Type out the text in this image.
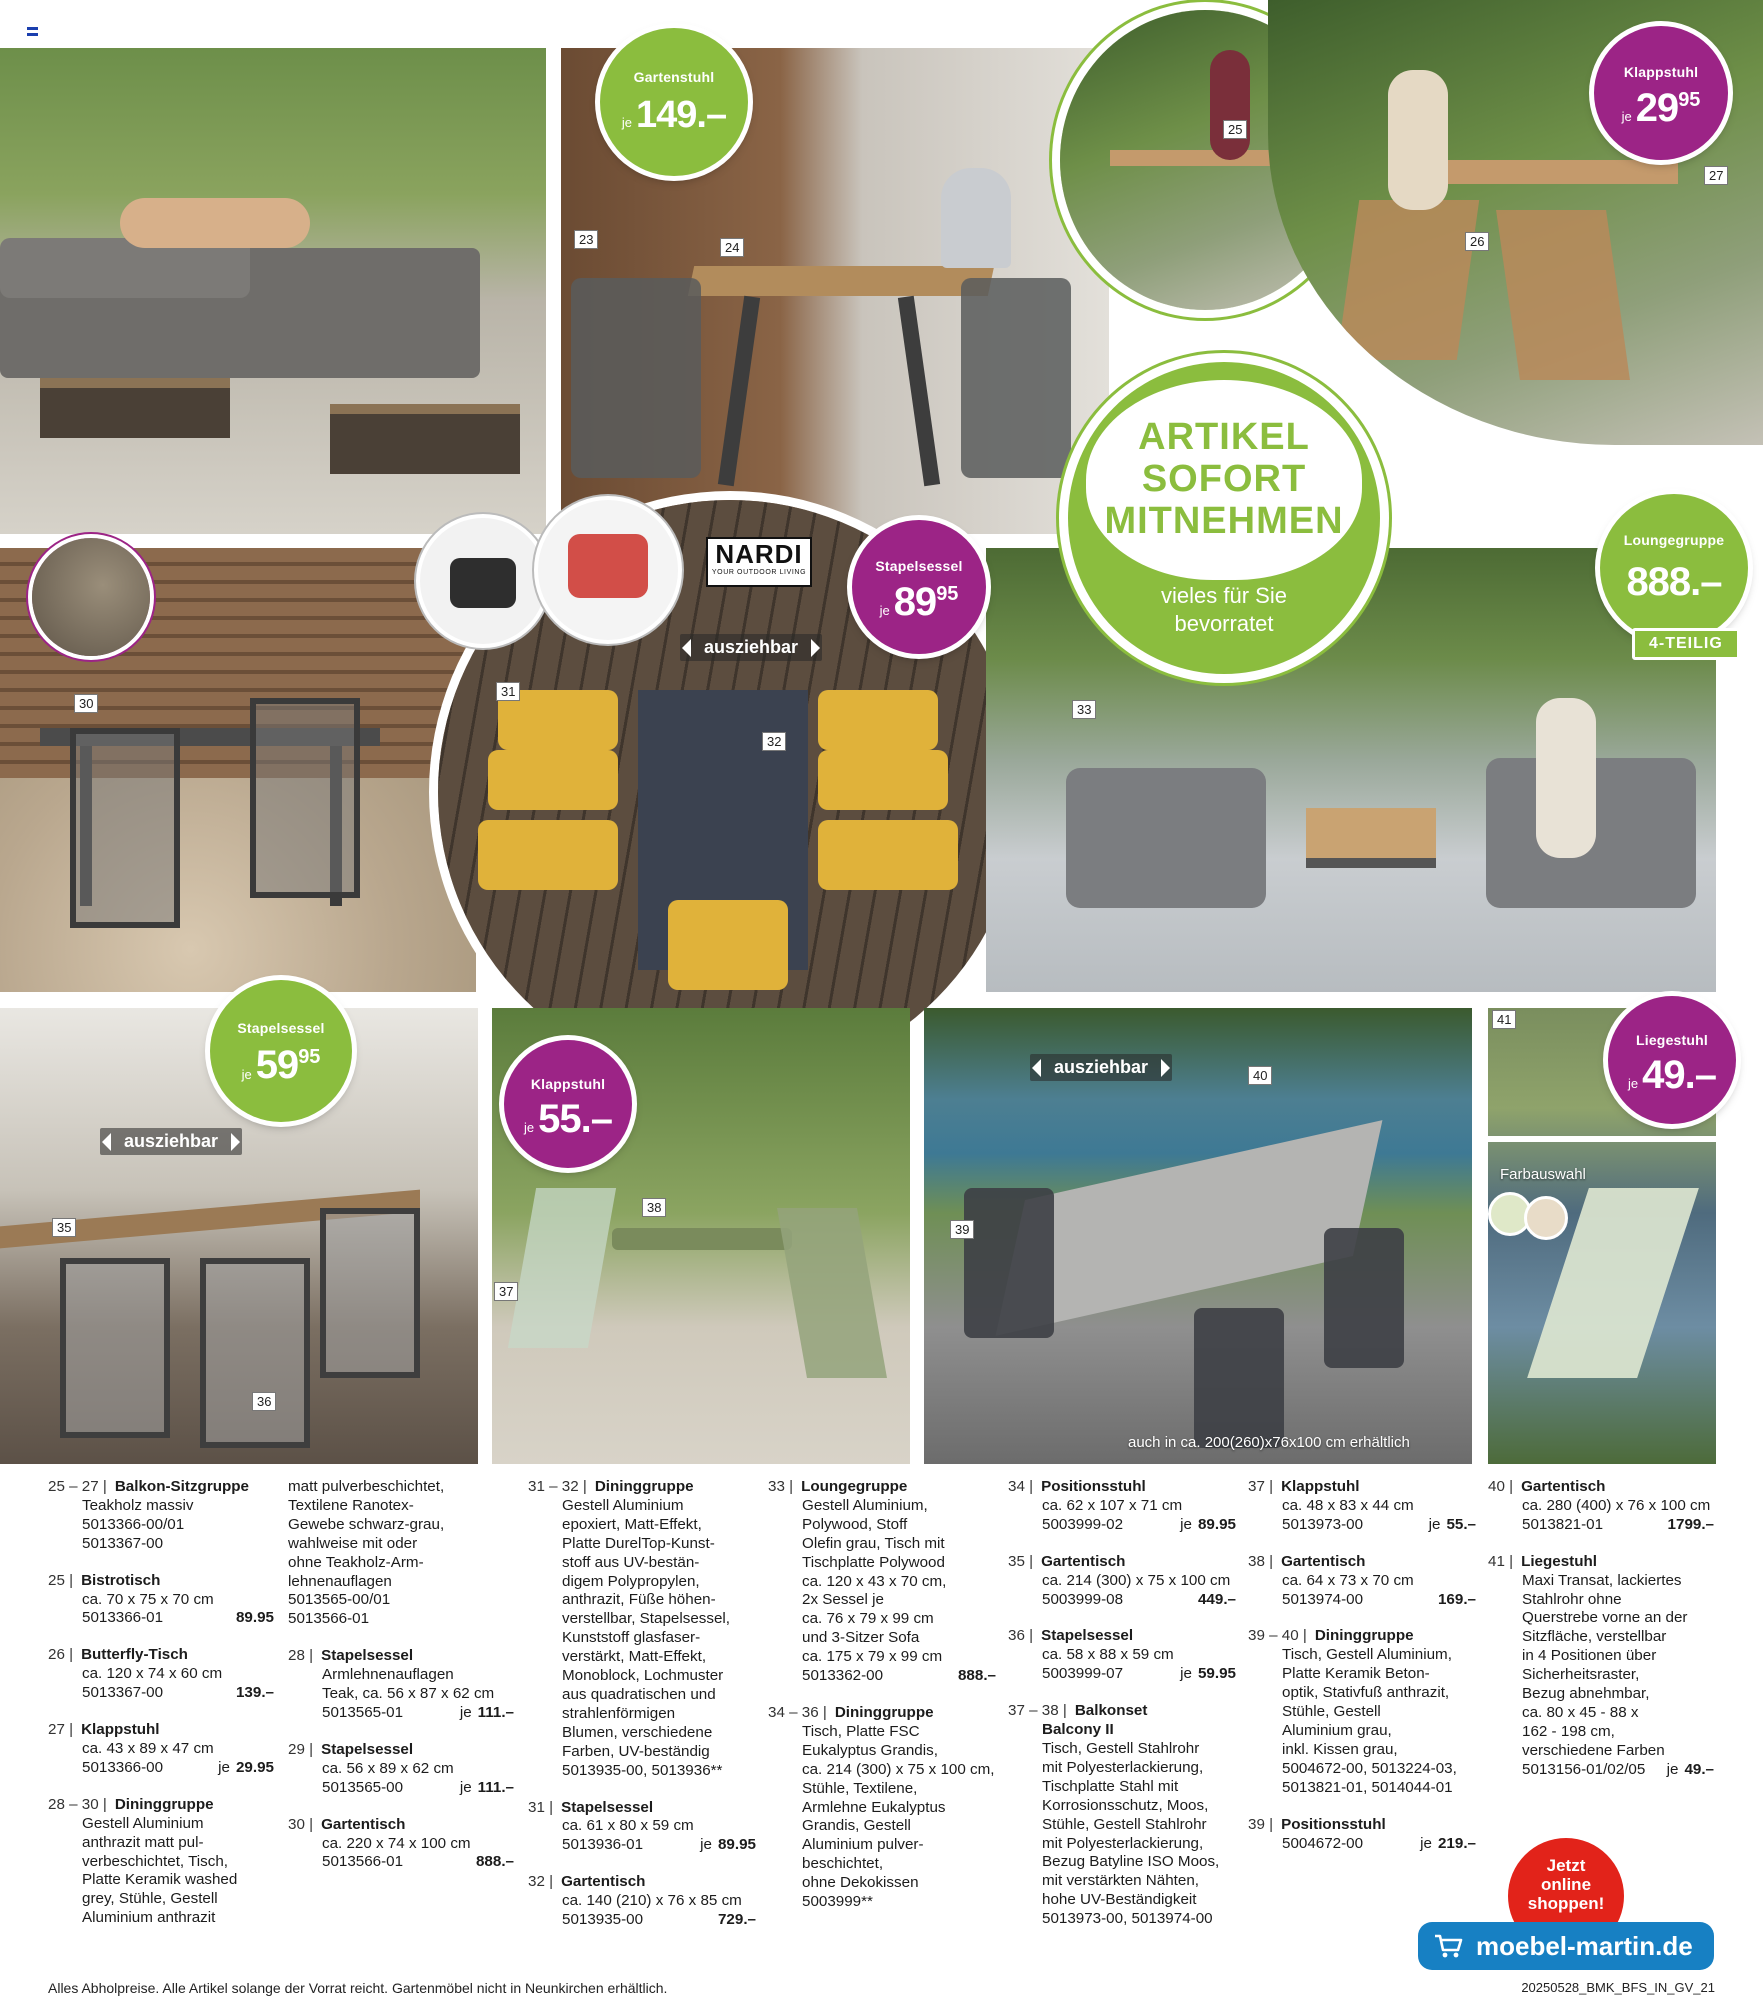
ARTIKEL
SOFORT
MITNEHMEN
vieles für Sie
bevorratet
NARDI
YOUR OUTDOOR LIVING
Farbauswahl
auch in ca. 200(260)x76x100 cm erhältlich
Gartenstuhl
je 149.–
Klappstuhl
je 2995
Stapelsessel
je 8995
Loungegruppe
888.–
4-TEILIG
Stapelsessel
je 5995
Klappstuhl
je 55.–
Liegestuhl
je 49.–
ausziehbar
ausziehbar
ausziehbar
23
24
25
26
27
30
31
32
33
35
36
37
38
39
40
41
25 – 27 | Balkon-Sitzgruppe
Teakholz massiv
5013366-00/01
5013367-00
25 | Bistrotisch
ca. 70 x 75 x 70 cm
5013366-01	89.95
26 | Butterfly-Tisch
ca. 120 x 74 x 60 cm
5013367-00	139.–
27 | Klappstuhl
ca. 43 x 89 x 47 cm
5013366-00	je 29.95
28 – 30 | Dininggruppe
Gestell Aluminium
anthrazit matt pul-
verbeschichtet, Tisch,
Platte Keramik washed
grey, Stühle, Gestell
Aluminium anthrazit
matt pulverbeschichtet,
Textilene Ranotex-
Gewebe schwarz-grau,
wahlweise mit oder
ohne Teakholz-Arm-
lehnenauflagen
5013565-00/01
5013566-01
28 | Stapelsessel
Armlehnenauflagen
Teak, ca. 56 x 87 x 62 cm
5013565-01	je 111.–
29 | Stapelsessel
ca. 56 x 89 x 62 cm
5013565-00	je 111.–
30 | Gartentisch
ca. 220 x 74 x 100 cm
5013566-01	888.–
31 – 32 | Dininggruppe
Gestell Aluminium
epoxiert, Matt-Effekt,
Platte DurelTop-Kunst-
stoff aus UV-bestän-
digem Polypropylen,
anthrazit, Füße höhen-
verstellbar, Stapelsessel,
Kunststoff glasfaser-
verstärkt, Matt-Effekt,
Monoblock, Lochmuster
aus quadratischen und
strahlenförmigen
Blumen, verschiedene
Farben, UV-beständig
5013935-00, 5013936**
31 | Stapelsessel
ca. 61 x 80 x 59 cm
5013936-01	je 89.95
32 | Gartentisch
ca. 140 (210) x 76 x 85 cm
5013935-00	729.–
33 | Loungegruppe
Gestell Aluminium,
Polywood, Stoff
Olefin grau, Tisch mit
Tischplatte Polywood
ca. 120 x 43 x 70 cm,
2x Sessel je
ca. 76 x 79 x 99 cm
und 3-Sitzer Sofa
ca. 175 x 79 x 99 cm
5013362-00	888.–
34 – 36 | Dininggruppe
Tisch, Platte FSC
Eukalyptus Grandis,
ca. 214 (300) x 75 x 100 cm,
Stühle, Textilene,
Armlehne Eukalyptus
Grandis, Gestell
Aluminium pulver-
beschichtet,
ohne Dekokissen
5003999**
34 | Positionsstuhl
ca. 62 x 107 x 71 cm
5003999-02	je 89.95
35 | Gartentisch
ca. 214 (300) x 75 x 100 cm
5003999-08	449.–
36 | Stapelsessel
ca. 58 x 88 x 59 cm
5003999-07	je 59.95
37 – 38 | Balkonset
Balcony II
Tisch, Gestell Stahlrohr
mit Polyesterlackierung,
Tischplatte Stahl mit
Korrosionsschutz, Moos,
Stühle, Gestell Stahlrohr
mit Polyesterlackierung,
Bezug Batyline ISO Moos,
mit verstärkten Nähten,
hohe UV-Beständigkeit
5013973-00, 5013974-00
37 | Klappstuhl
ca. 48 x 83 x 44 cm
5013973-00	je 55.–
38 | Gartentisch
ca. 64 x 73 x 70 cm
5013974-00	169.–
39 – 40 | Dininggruppe
Tisch, Gestell Aluminium,
Platte Keramik Beton-
optik, Stativfuß anthrazit,
Stühle, Gestell
Aluminium grau,
inkl. Kissen grau,
5004672-00, 5013224-03,
5013821-01, 5014044-01
39 | Positionsstuhl
5004672-00	je 219.–
40 | Gartentisch
ca. 280 (400) x 76 x 100 cm
5013821-01	1799.–
41 | Liegestuhl
Maxi Transat, lackiertes
Stahlrohr ohne
Querstrebe vorne an der
Sitzfläche, verstellbar
in 4 Positionen über
Sicherheitsraster,
Bezug abnehmbar,
ca. 80 x 45 - 88 x
162 - 198 cm,
verschiedene Farben
5013156-01/02/05 je 49.–
Jetzt
online
shoppen!
moebel-martin.de
Alles Abholpreise. Alle Artikel solange der Vorrat reicht. Gartenmöbel nicht in Neunkirchen erhältlich.	20250528_BMK_BFS_IN_GV_21
